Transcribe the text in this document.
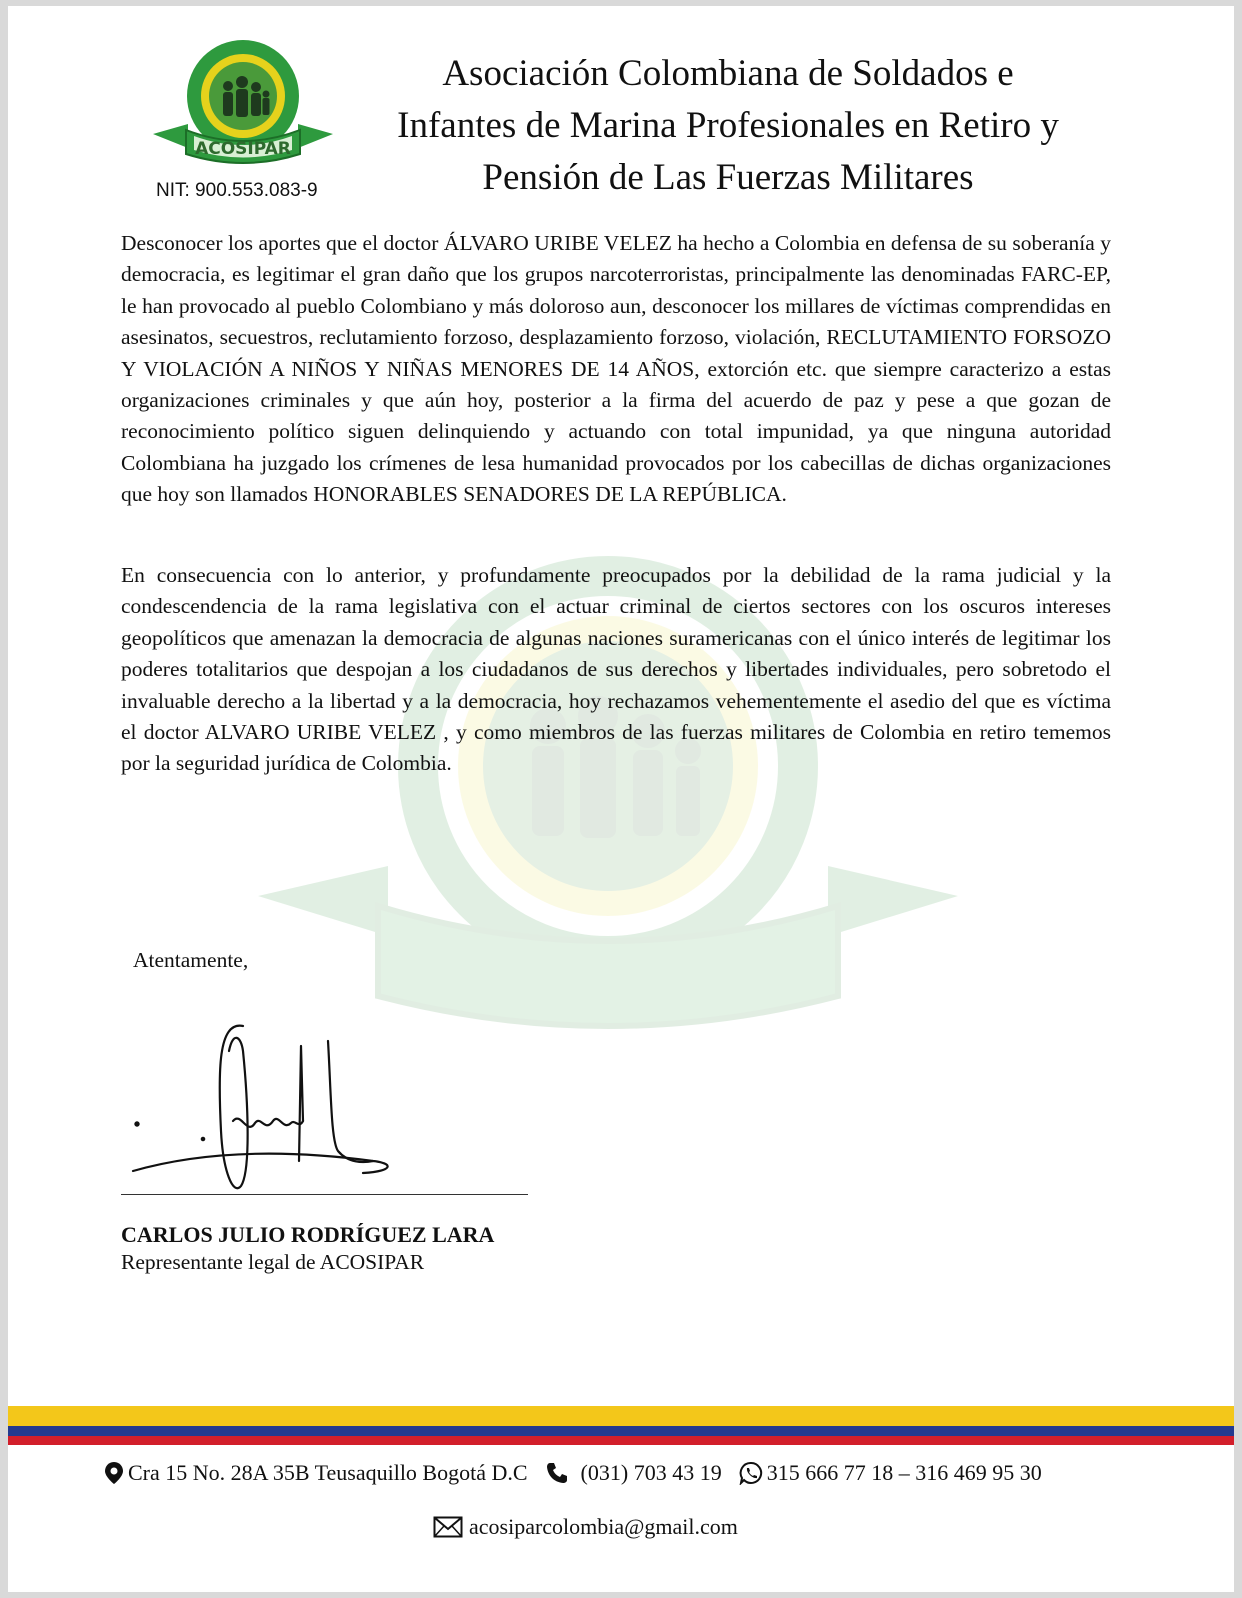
ACOSIPAR
NIT: 900.553.083-9
Asociación Colombiana de Soldados e
Infantes de Marina Profesionales en Retiro y
Pensión de Las Fuerzas Militares

Desconocer los aportes que el doctor ÁLVARO URIBE VELEZ ha hecho a Colombia en defensa de su soberanía y democracia, es legitimar el gran daño que los grupos narcoterroristas, principalmente las denominadas FARC-EP, le han provocado al pueblo Colombiano y más doloroso aun, desconocer los millares de víctimas comprendidas en asesinatos, secuestros, reclutamiento forzoso, desplazamiento forzoso, violación, RECLUTAMIENTO FORSOZO Y VIOLACIÓN A NIÑOS Y NIÑAS MENORES DE 14 AÑOS, extorción etc. que siempre caracterizo a estas organizaciones criminales y que aún hoy, posterior a la firma del acuerdo de paz y pese a que gozan de reconocimiento político siguen delinquiendo y actuando con total impunidad, ya que ninguna autoridad Colombiana ha juzgado los crímenes de lesa humanidad provocados por los cabecillas de dichas organizaciones que hoy son llamados HONORABLES SENADORES DE LA REPÚBLICA.

En consecuencia con lo anterior, y profundamente preocupados por la debilidad de la rama judicial y la condescendencia de la rama legislativa con el actuar criminal de ciertos sectores con los oscuros intereses geopolíticos que amenazan la democracia de algunas naciones suramericanas con el único interés de legitimar los poderes totalitarios que despojan a los ciudadanos de sus derechos y libertades individuales, pero sobretodo el invaluable derecho a la libertad y a la democracia, hoy rechazamos vehementemente el asedio del que es víctima el doctor ALVARO URIBE VELEZ , y como miembros de las fuerzas militares de Colombia en retiro tememos por la seguridad jurídica de Colombia.

Atentamente,
CARLOS JULIO RODRÍGUEZ LARA
Representante legal de ACOSIPAR
Cra 15 No. 28A 35B Teusaquillo Bogotá D.C (031) 703 43 19 315 666 77 18 – 316 469 95 30
acosiparcolombia@gmail.com
